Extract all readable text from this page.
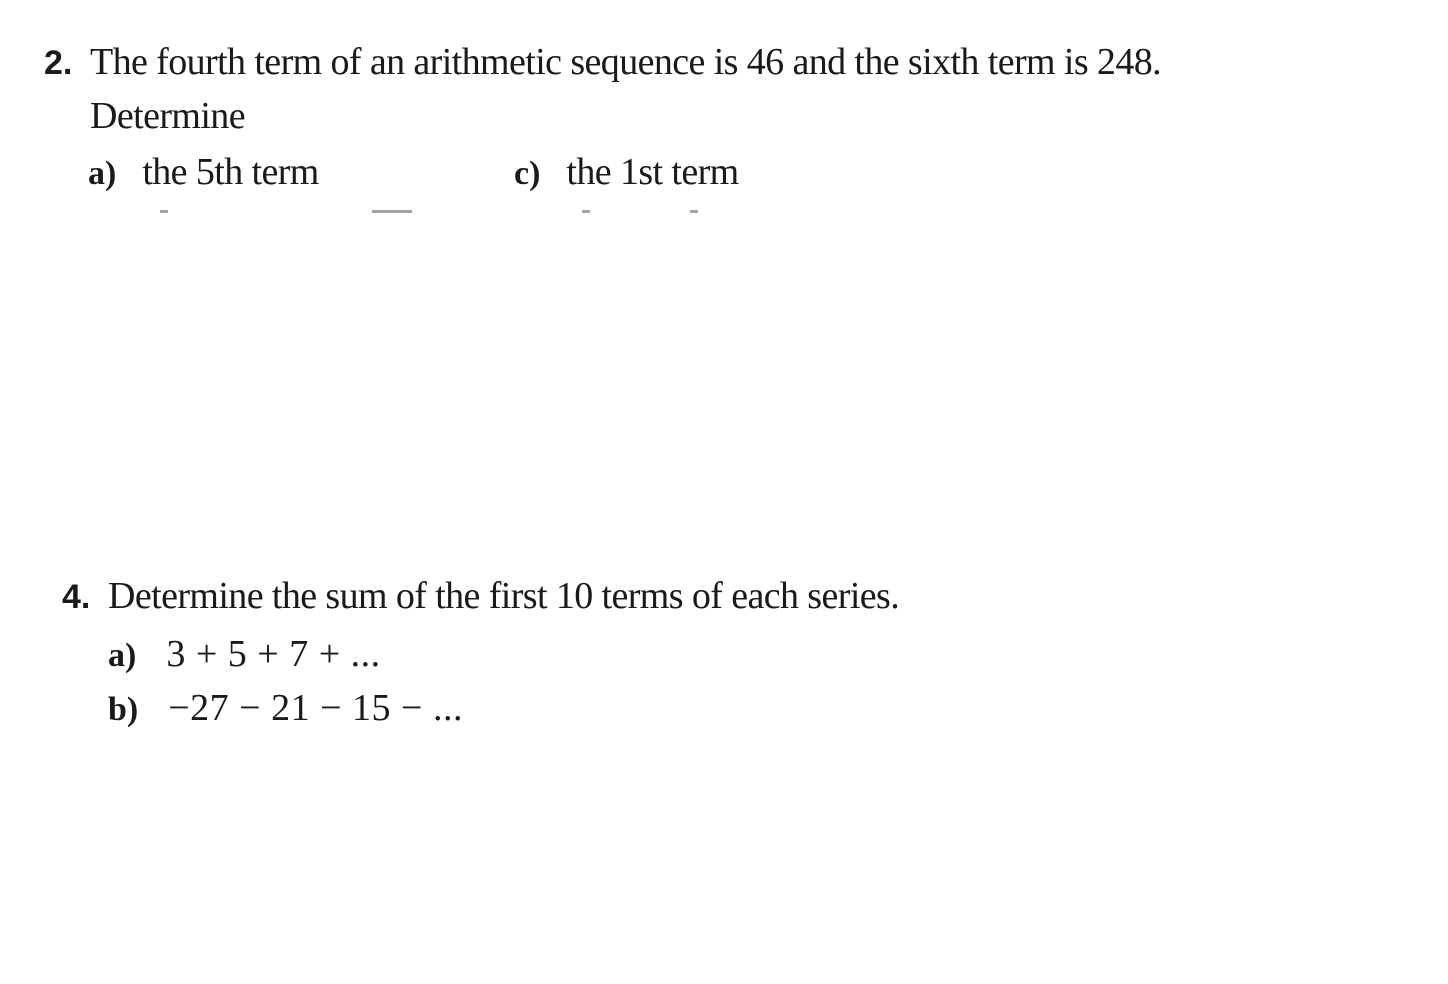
2. The fourth term of an arithmetic sequence is 46 and the sixth term is 248.
Determine
a) the 5th term	c) the 1st term
4. Determine the sum of the first 10 terms of each series.
a) 3 + 5 + 7 + ...
b) −27 − 21 − 15 − ...
